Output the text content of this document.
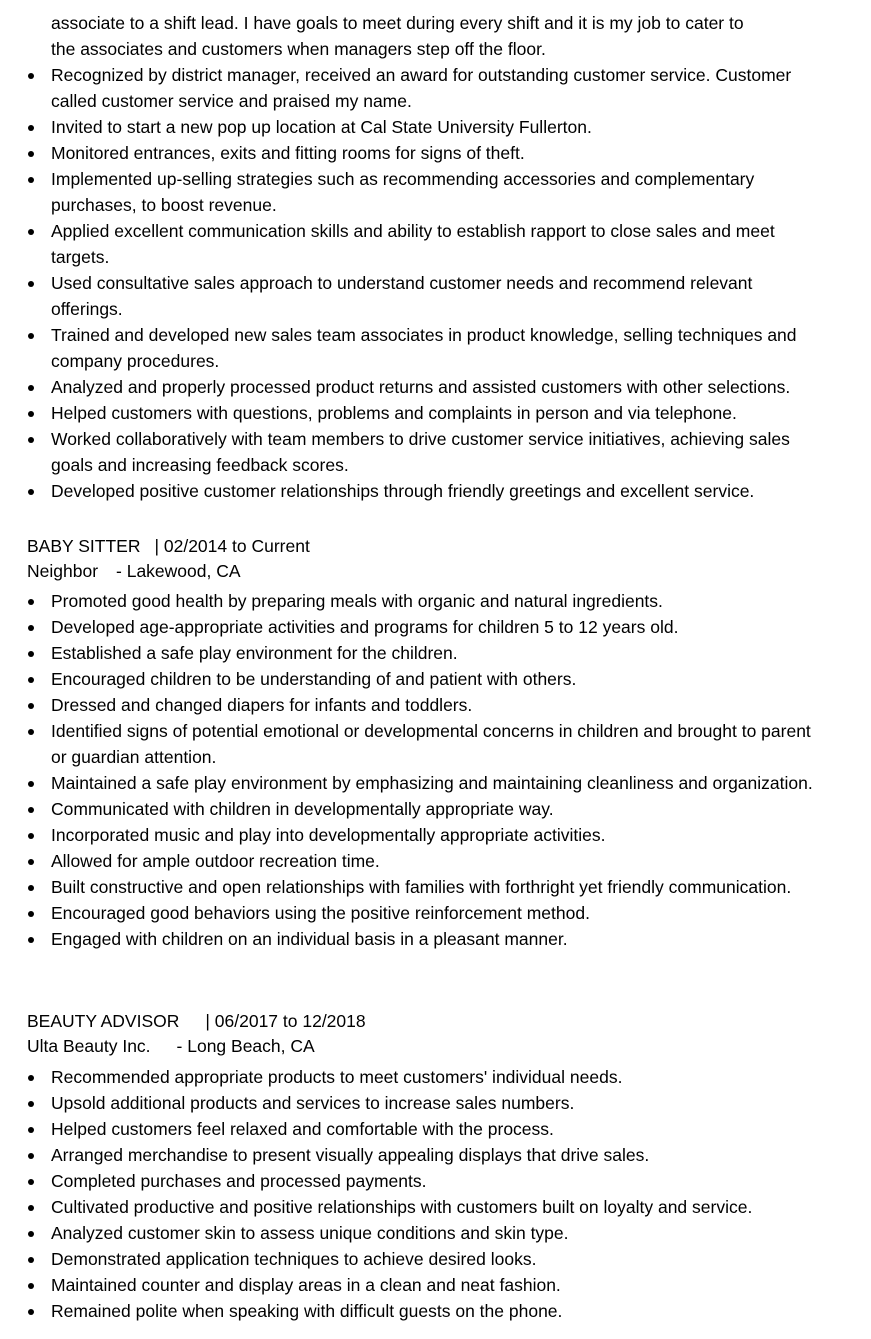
associate to a shift lead. I have goals to meet during every shift and it is my job to cater to
the associates and customers when managers step off the floor.
Recognized by district manager, received an award for outstanding customer service. Customer called customer service and praised my name.
Invited to start a new pop up location at Cal State University Fullerton.
Monitored entrances, exits and fitting rooms for signs of theft.
Implemented up-selling strategies such as recommending accessories and complementary purchases, to boost revenue.
Applied excellent communication skills and ability to establish rapport to close sales and meet targets.
Used consultative sales approach to understand customer needs and recommend relevant offerings.
Trained and developed new sales team associates in product knowledge, selling techniques and company procedures.
Analyzed and properly processed product returns and assisted customers with other selections.
Helped customers with questions, problems and complaints in person and via telephone.
Worked collaboratively with team members to drive customer service initiatives, achieving sales goals and increasing feedback scores.
Developed positive customer relationships through friendly greetings and excellent service.
BABY SITTER | 02/2014 to Current
Neighbor - Lakewood, CA
Promoted good health by preparing meals with organic and natural ingredients.
Developed age-appropriate activities and programs for children 5 to 12 years old.
Established a safe play environment for the children.
Encouraged children to be understanding of and patient with others.
Dressed and changed diapers for infants and toddlers.
Identified signs of potential emotional or developmental concerns in children and brought to parent or guardian attention.
Maintained a safe play environment by emphasizing and maintaining cleanliness and organization.
Communicated with children in developmentally appropriate way.
Incorporated music and play into developmentally appropriate activities.
Allowed for ample outdoor recreation time.
Built constructive and open relationships with families with forthright yet friendly communication.
Encouraged good behaviors using the positive reinforcement method.
Engaged with children on an individual basis in a pleasant manner.
BEAUTY ADVISOR | 06/2017 to 12/2018
Ulta Beauty Inc. - Long Beach, CA
Recommended appropriate products to meet customers' individual needs.
Upsold additional products and services to increase sales numbers.
Helped customers feel relaxed and comfortable with the process.
Arranged merchandise to present visually appealing displays that drive sales.
Completed purchases and processed payments.
Cultivated productive and positive relationships with customers built on loyalty and service.
Analyzed customer skin to assess unique conditions and skin type.
Demonstrated application techniques to achieve desired looks.
Maintained counter and display areas in a clean and neat fashion.
Remained polite when speaking with difficult guests on the phone.
